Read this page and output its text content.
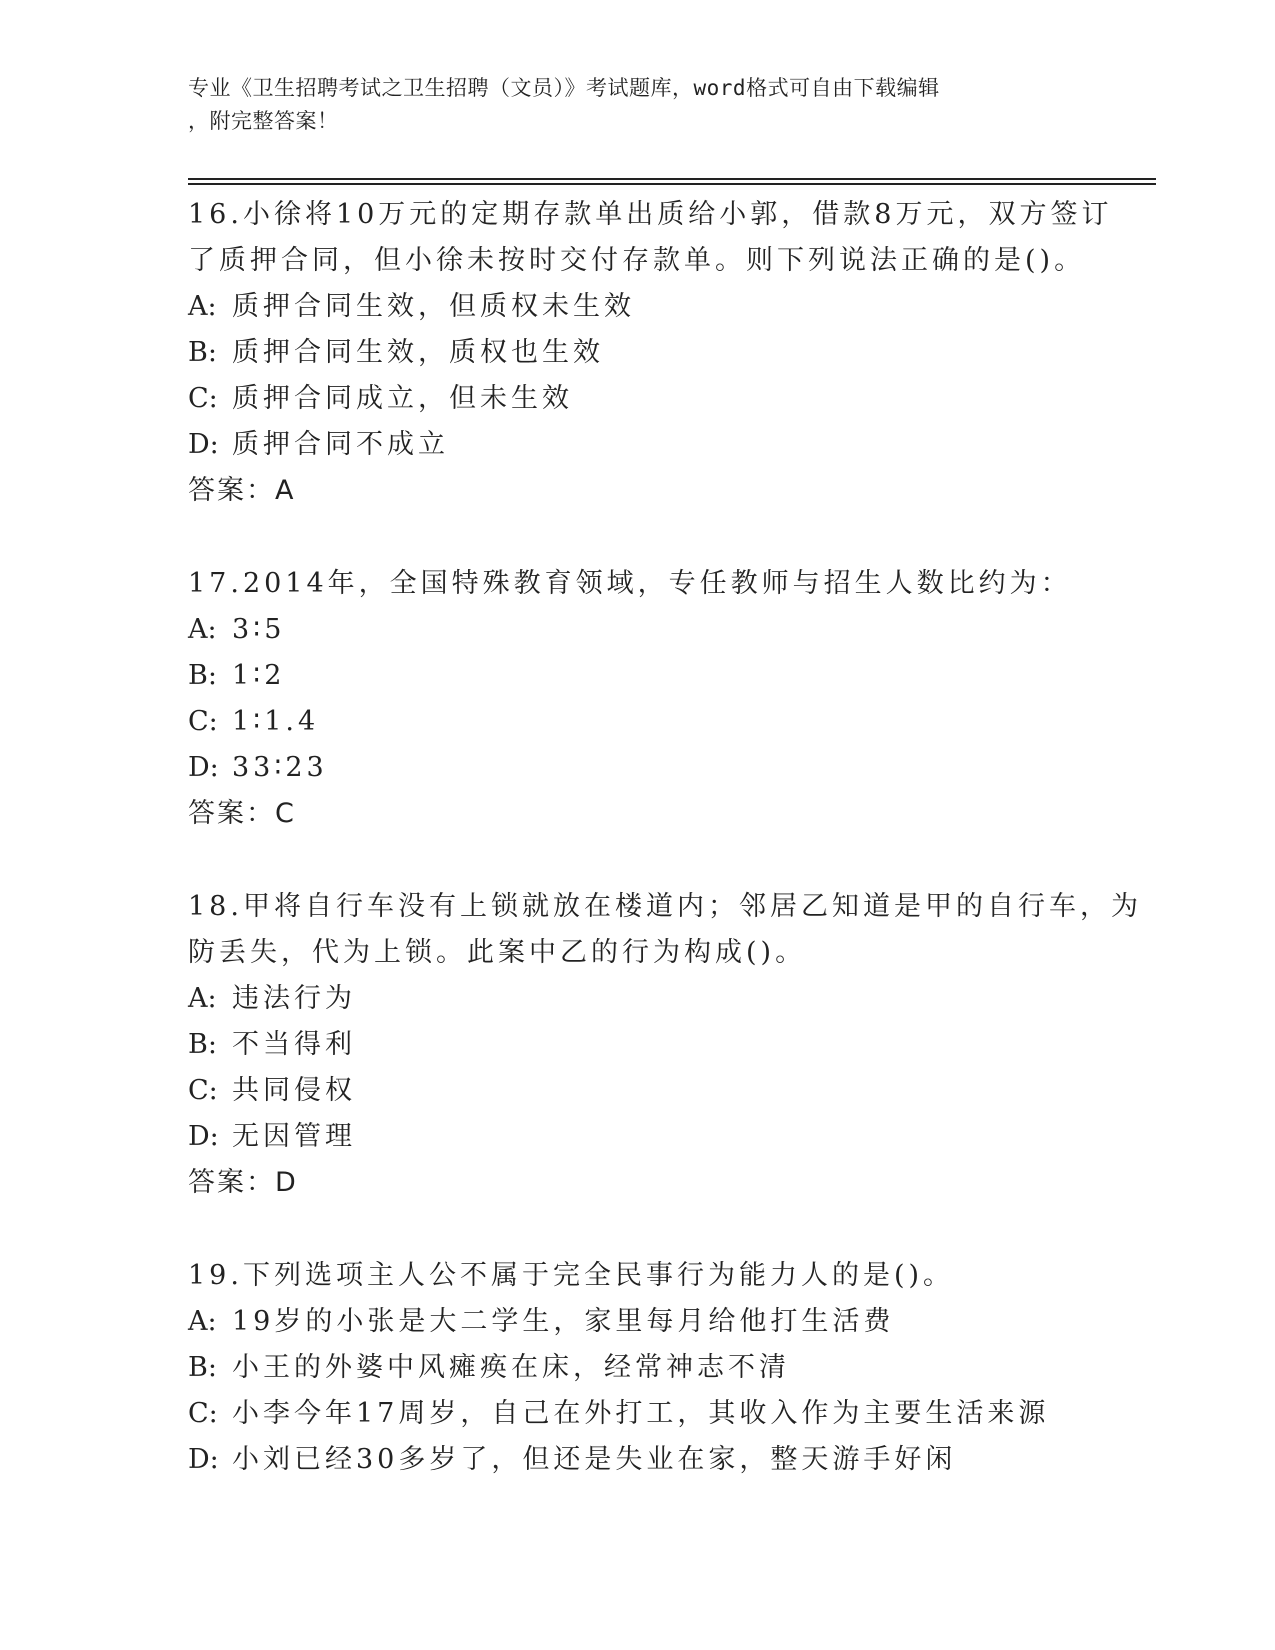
专业《卫生招聘考试之卫生招聘（文员）》考试题库，word格式可自由下载编辑
，附完整答案！
16.小徐将10万元的定期存款单出质给小郭，借款8万元，双方签订
了质押合同，但小徐未按时交付存款单。则下列说法正确的是()。
A: 质押合同生效，但质权未生效
B: 质押合同生效，质权也生效
C: 质押合同成立，但未生效
D: 质押合同不成立
答案：A
17.2014年，全国特殊教育领域，专任教师与招生人数比约为：
A: 3∶5
B: 1∶2
C: 1∶1.4
D: 33∶23
答案：C
18.甲将自行车没有上锁就放在楼道内；邻居乙知道是甲的自行车，为
防丢失，代为上锁。此案中乙的行为构成()。
A: 违法行为
B: 不当得利
C: 共同侵权
D: 无因管理
答案：D
19.下列选项主人公不属于完全民事行为能力人的是()。
A: 19岁的小张是大二学生，家里每月给他打生活费
B: 小王的外婆中风瘫痪在床，经常神志不清
C: 小李今年17周岁，自己在外打工，其收入作为主要生活来源
D: 小刘已经30多岁了，但还是失业在家，整天游手好闲
